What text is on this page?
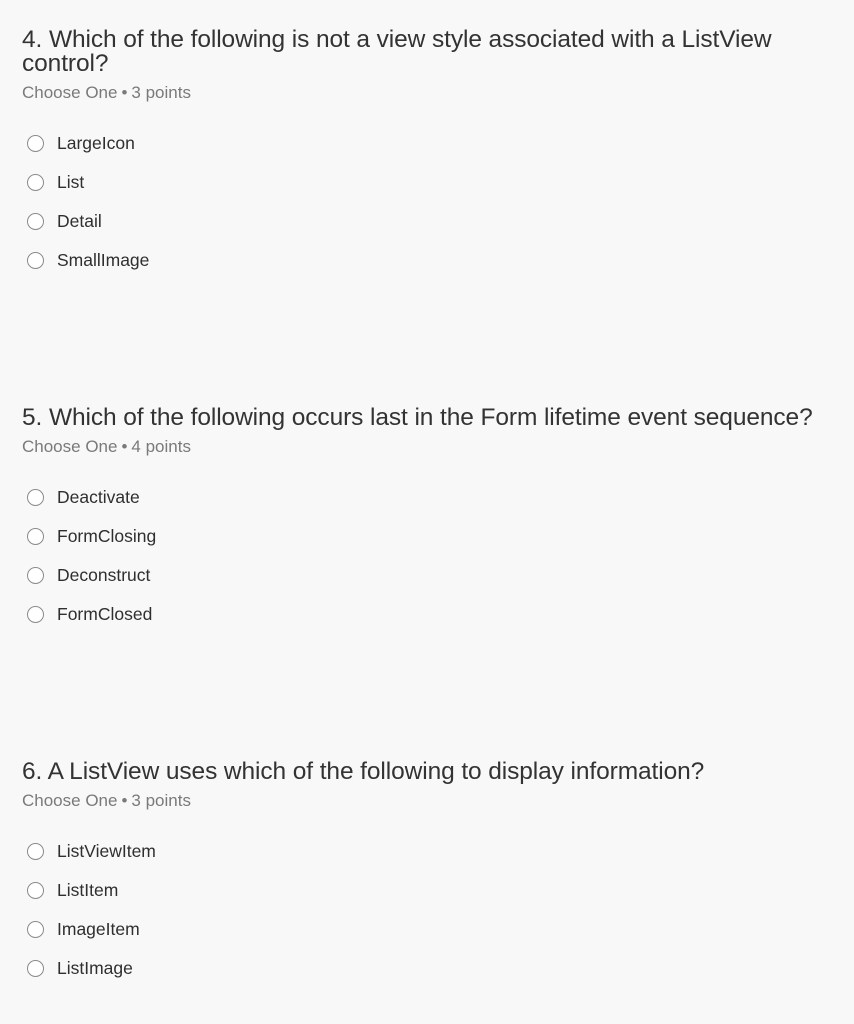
4. Which of the following is not a view style associated with a ListView control?
Choose One • 3 points
LargeIcon
List
Detail
SmallImage
5. Which of the following occurs last in the Form lifetime event sequence?
Choose One • 4 points
Deactivate
FormClosing
Deconstruct
FormClosed
6. A ListView uses which of the following to display information?
Choose One • 3 points
ListViewItem
ListItem
ImageItem
ListImage
